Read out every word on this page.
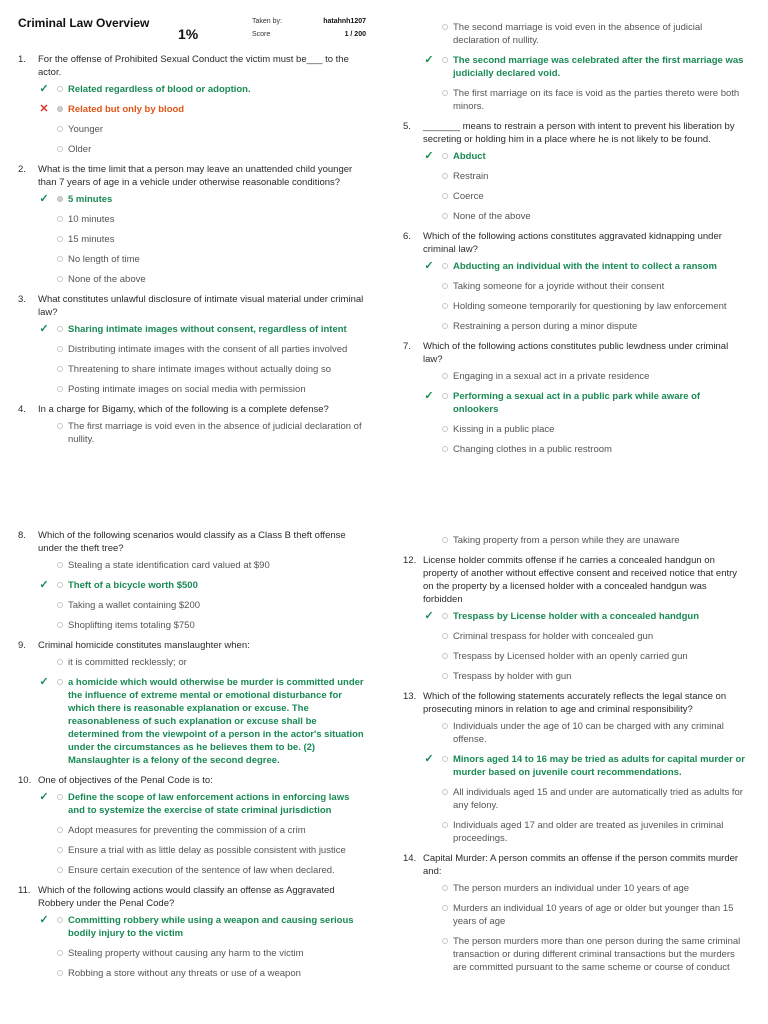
Criminal Law Overview
1%
Taken by:	hatahnh1207
Score	1 / 200
1.	For the offense of Prohibited Sexual Conduct the victim must be___ to the actor.
✓ Related regardless of blood or adoption.
✕ Related but only by blood
Younger
Older
2.	What is the time limit that a person may leave an unattended child younger than 7 years of age in a vehicle under otherwise reasonable conditions?
✓ 5 minutes
10 minutes
15 minutes
No length of time
None of the above
3.	What constitutes unlawful disclosure of intimate visual material under criminal law?
✓ Sharing intimate images without consent, regardless of intent
Distributing intimate images with the consent of all parties involved
Threatening to share intimate images without actually doing so
Posting intimate images on social media with permission
4.	In a charge for Bigamy, which of the following is a complete defense?
The first marriage is void even in the absence of judicial declaration of nullity.
The second marriage is void even in the absence of judicial declaration of nullity.
✓ The second marriage was celebrated after the first marriage was judicially declared void.
The first marriage on its face is void as the parties thereto were both minors.
5.	_______ means to restrain a person with intent to prevent his liberation by secreting or holding him in a place where he is not likely to be found.
✓ Abduct
Restrain
Coerce
None of the above
6.	Which of the following actions constitutes aggravated kidnapping under criminal law?
✓ Abducting an individual with the intent to collect a ransom
Taking someone for a joyride without their consent
Holding someone temporarily for questioning by law enforcement
Restraining a person during a minor dispute
7.	Which of the following actions constitutes public lewdness under criminal law?
Engaging in a sexual act in a private residence
✓ Performing a sexual act in a public park while aware of onlookers
Kissing in a public place
Changing clothes in a public restroom
8.	Which of the following scenarios would classify as a Class B theft offense under the theft tree?
Stealing a state identification card valued at $90
✓ Theft of a bicycle worth $500
Taking a wallet containing $200
Shoplifting items totaling $750
9.	Criminal homicide constitutes manslaughter when:
it is committed recklessly; or
✓ a homicide which would otherwise be murder is committed under the influence of extreme mental or emotional disturbance for which there is reasonable explanation or excuse. The reasonableness of such explanation or excuse shall be determined from the viewpoint of a person in the actor's situation under the circumstances as he believes them to be. (2) Manslaughter is a felony of the second degree.
10. One of objectives of the Penal Code is to:
✓ Define the scope of law enforcement actions in enforcing laws and to systemize the exercise of state criminal jurisdiction
Adopt measures for preventing the commission of a crim
Ensure a trial with as little delay as possible consistent with justice
Ensure certain execution of the sentence of law when declared.
11. Which of the following actions would classify an offense as Aggravated Robbery under the Penal Code?
✓ Committing robbery while using a weapon and causing serious bodily injury to the victim
Stealing property without causing any harm to the victim
Robbing a store without any threats or use of a weapon
Taking property from a person while they are unaware
12. License holder commits offense if he carries a concealed handgun on property of another without effective consent and received notice that entry on the property by a licensed holder with a concealed handgun was forbidden
✓ Trespass by License holder with a concealed handgun
Criminal trespass for holder with concealed gun
Trespass by Licensed holder with an openly carried gun
Trespass by holder with gun
13. Which of the following statements accurately reflects the legal stance on prosecuting minors in relation to age and criminal responsibility?
Individuals under the age of 10 can be charged with any criminal offense.
✓ Minors aged 14 to 16 may be tried as adults for capital murder or murder based on juvenile court recommendations.
All individuals aged 15 and under are automatically tried as adults for any felony.
Individuals aged 17 and older are treated as juveniles in criminal proceedings.
14. Capital Murder: A person commits an offense if the person commits murder and:
The person murders an individual under 10 years of age
Murders an individual 10 years of age or older but younger than 15 years of age
The person murders more than one person during the same criminal transaction or during different criminal transactions but the murders are committed pursuant to the same scheme or course of conduct
